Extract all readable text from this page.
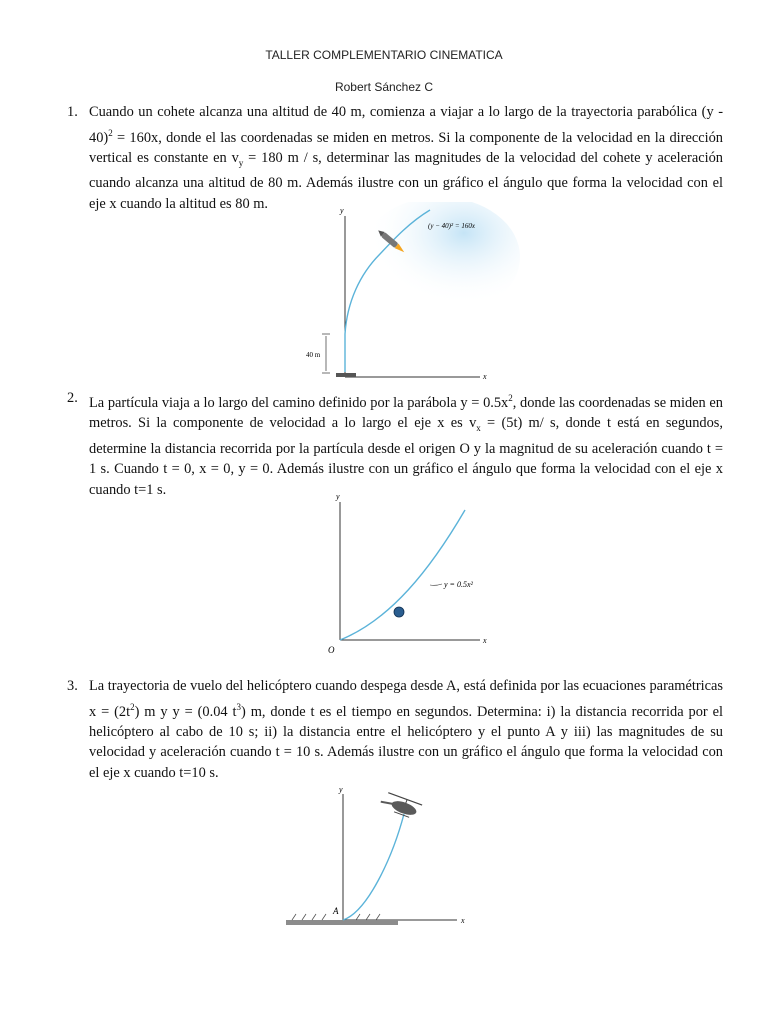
TALLER COMPLEMENTARIO CINEMATICA
Robert Sánchez C
1. Cuando un cohete alcanza una altitud de 40 m, comienza a viajar a lo largo de la trayectoria parabólica (y - 40)$^2$ = 160x, donde el las coordenadas se miden en metros. Si la componente de la velocidad en la dirección vertical es constante en $v_y = 180$ m / s, determinar las magnitudes de la velocidad del cohete y aceleración cuando alcanza una altitud de 80 m. Además ilustre con un gráfico el ángulo que forma la velocidad con el eje x cuando la altitud es 80 m.	y
x
40 m
(y − 40)² = 160x
2. La partícula viaja a lo largo del camino definido por la parábola $y = 0.5x^2$, donde las coordenadas se miden en metros. Si la componente de velocidad a lo largo el eje x es $v_x = (5t)$ m/ s, donde t está en segundos, determine la distancia recorrida por la partícula desde el origen O y la magnitud de su aceleración cuando t = 1 s. Cuando t = 0, x = 0, y = 0. Además ilustre con un gráfico el ángulo que forma la velocidad con el eje x cuando t=1 s.	y
x
O
y = 0.5x²
3. La trayectoria de vuelo del helicóptero cuando despega desde A, está definida por las ecuaciones paramétricas $x = (2t^2)$ m y y = (0.04 $t^3$) m, donde t es el tiempo en segundos. Determina: i) la distancia recorrida por el helicóptero al cabo de 10 s; ii) la distancia entre el helicóptero y el punto A y iii) las magnitudes de su velocidad y aceleración cuando t = 10 s. Además ilustre con un gráfico el ángulo que forma la velocidad con el eje x cuando t=10 s.
y
x
A
